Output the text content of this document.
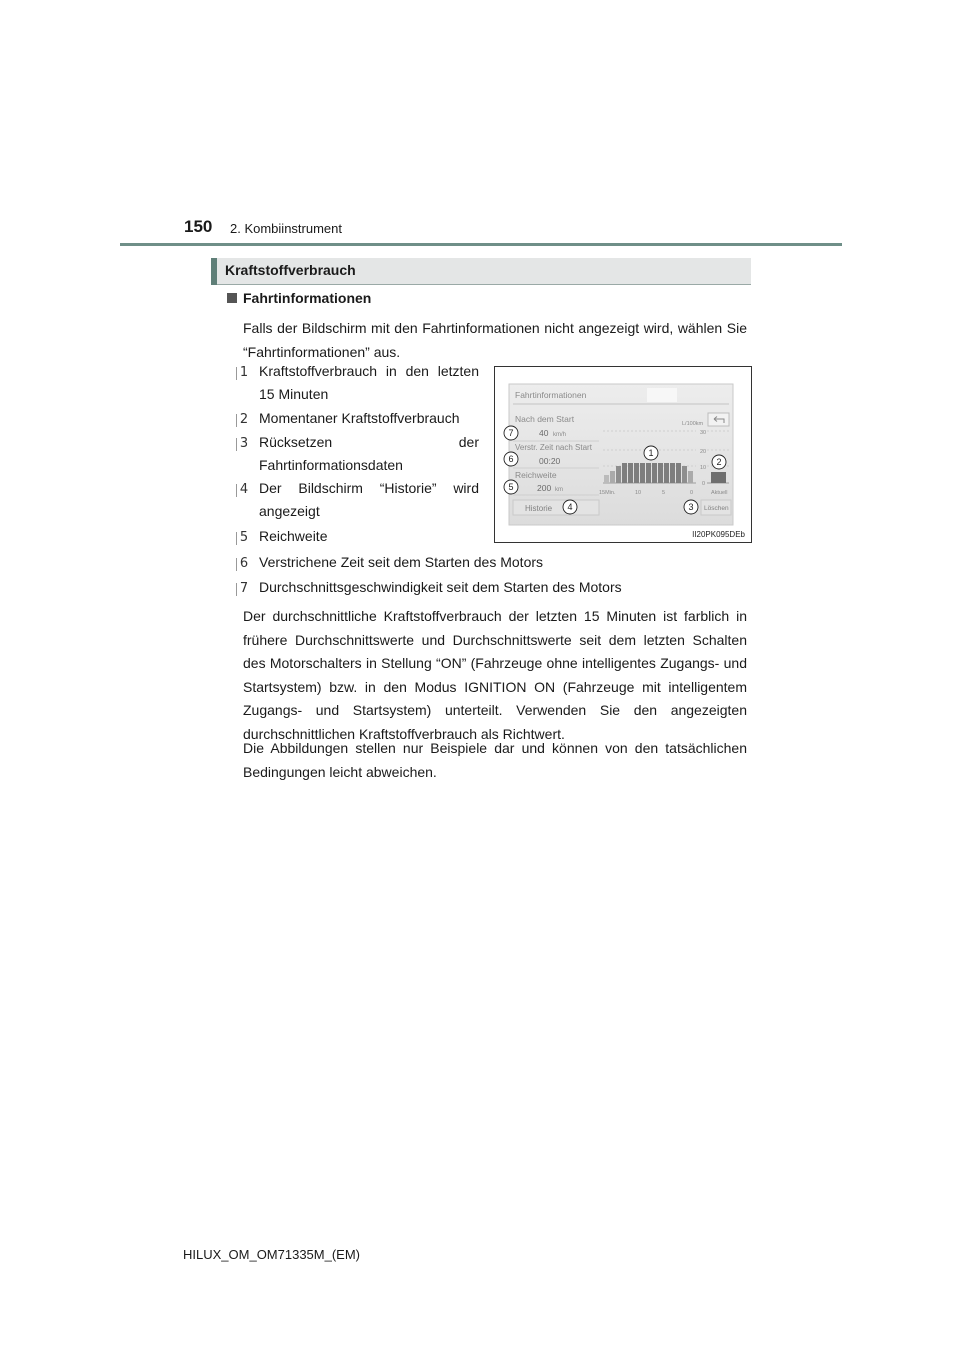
150 2. Kombiinstrument
Kraftstoffverbrauch
Fahrtinformationen
Falls der Bildschirm mit den Fahrtinformationen nicht angezeigt wird, wählen Sie “Fahrtinformationen” aus.
1 Kraftstoffverbrauch in den letzten 15 Minuten
2 Momentaner Kraftstoffverbrauch
3 Rücksetzen der Fahrtinformationsdaten
4 Der Bildschirm “Historie” wird angezeigt
5 Reichweite
6 Verstrichene Zeit seit dem Starten des Motors
7 Durchschnittsgeschwindigkeit seit dem Starten des Motors
Der durchschnittliche Kraftstoffverbrauch der letzten 15 Minuten ist farblich in frühere Durchschnittswerte und Durchschnittswerte seit dem letzten Schalten des Motorschalters in Stellung “ON” (Fahrzeuge ohne intelligentes Zugangs- und Startsystem) bzw. in den Modus IGNITION ON (Fahrzeuge mit intelligentem Zugangs- und Startsystem) unterteilt. Verwenden Sie den angezeigten durchschnittlichen Kraftstoffverbrauch als Richtwert.
Die Abbildungen stellen nur Beispiele dar und können von den tatsächlichen Bedingungen leicht abweichen.
Fahrtinformationen
Nach dem Start
40 km/h
Verstr. Zeit nach Start
00:20
Reichweite
200 km
L/100km
30
20
10
0
15Min.	10	5	0	Aktuell
Historie	Löschen
1
2
3
4
5
6
7
II20PK095DEb
HILUX_OM_OM71335M_(EM)
